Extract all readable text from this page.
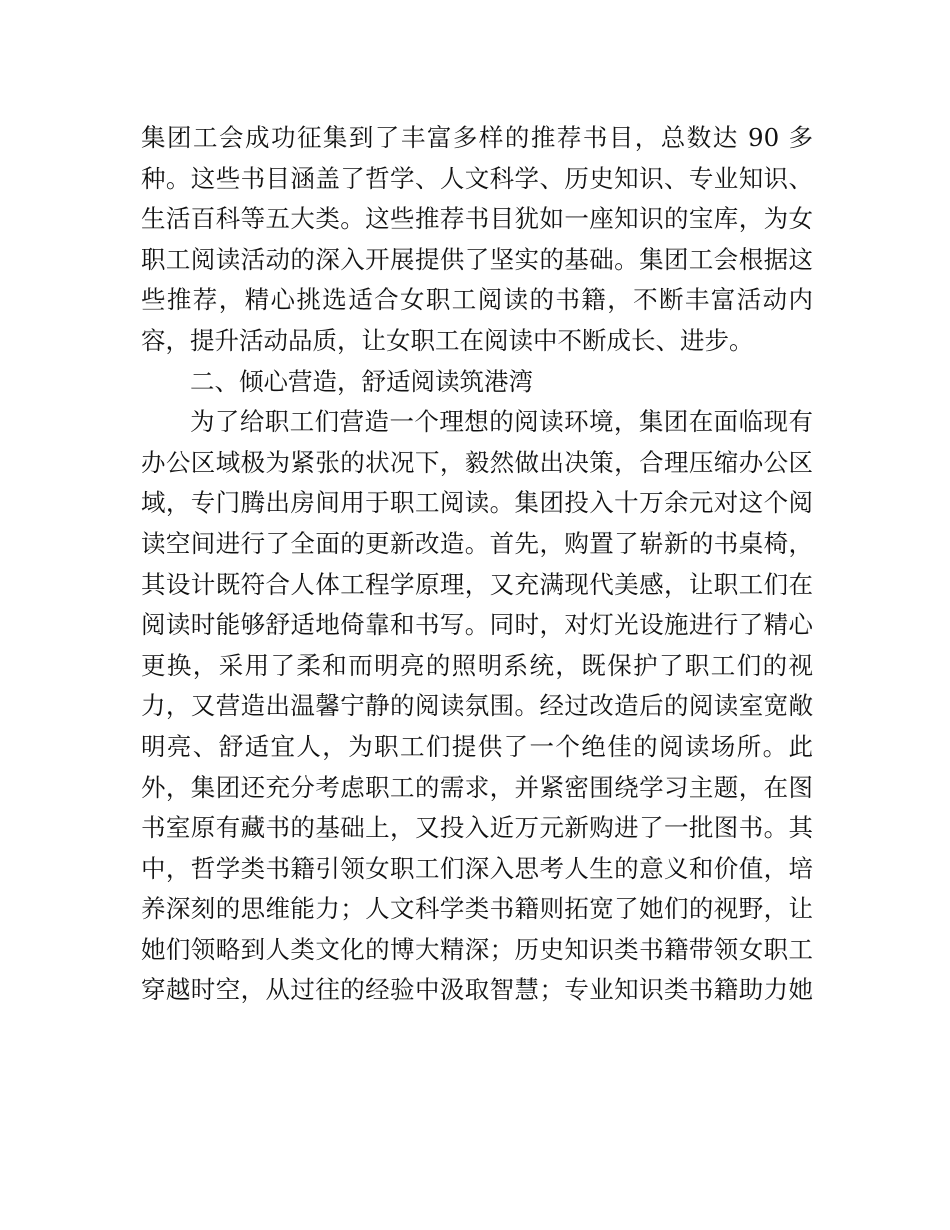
集团工会成功征集到了丰富多样的推荐书目，总数达 90 多
种。这些书目涵盖了哲学、人文科学、历史知识、专业知识、
生活百科等五大类。这些推荐书目犹如一座知识的宝库，为女
职工阅读活动的深入开展提供了坚实的基础。集团工会根据这
些推荐，精心挑选适合女职工阅读的书籍，不断丰富活动内
容，提升活动品质，让女职工在阅读中不断成长、进步。
二、倾心营造，舒适阅读筑港湾
为了给职工们营造一个理想的阅读环境，集团在面临现有
办公区域极为紧张的状况下，毅然做出决策，合理压缩办公区
域，专门腾出房间用于职工阅读。集团投入十万余元对这个阅
读空间进行了全面的更新改造。首先，购置了崭新的书桌椅，
其设计既符合人体工程学原理，又充满现代美感，让职工们在
阅读时能够舒适地倚靠和书写。同时，对灯光设施进行了精心
更换，采用了柔和而明亮的照明系统，既保护了职工们的视
力，又营造出温馨宁静的阅读氛围。经过改造后的阅读室宽敞
明亮、舒适宜人，为职工们提供了一个绝佳的阅读场所。此
外，集团还充分考虑职工的需求，并紧密围绕学习主题，在图
书室原有藏书的基础上，又投入近万元新购进了一批图书。其
中，哲学类书籍引领女职工们深入思考人生的意义和价值，培
养深刻的思维能力；人文科学类书籍则拓宽了她们的视野，让
她们领略到人类文化的博大精深；历史知识类书籍带领女职工
穿越时空，从过往的经验中汲取智慧；专业知识类书籍助力她
